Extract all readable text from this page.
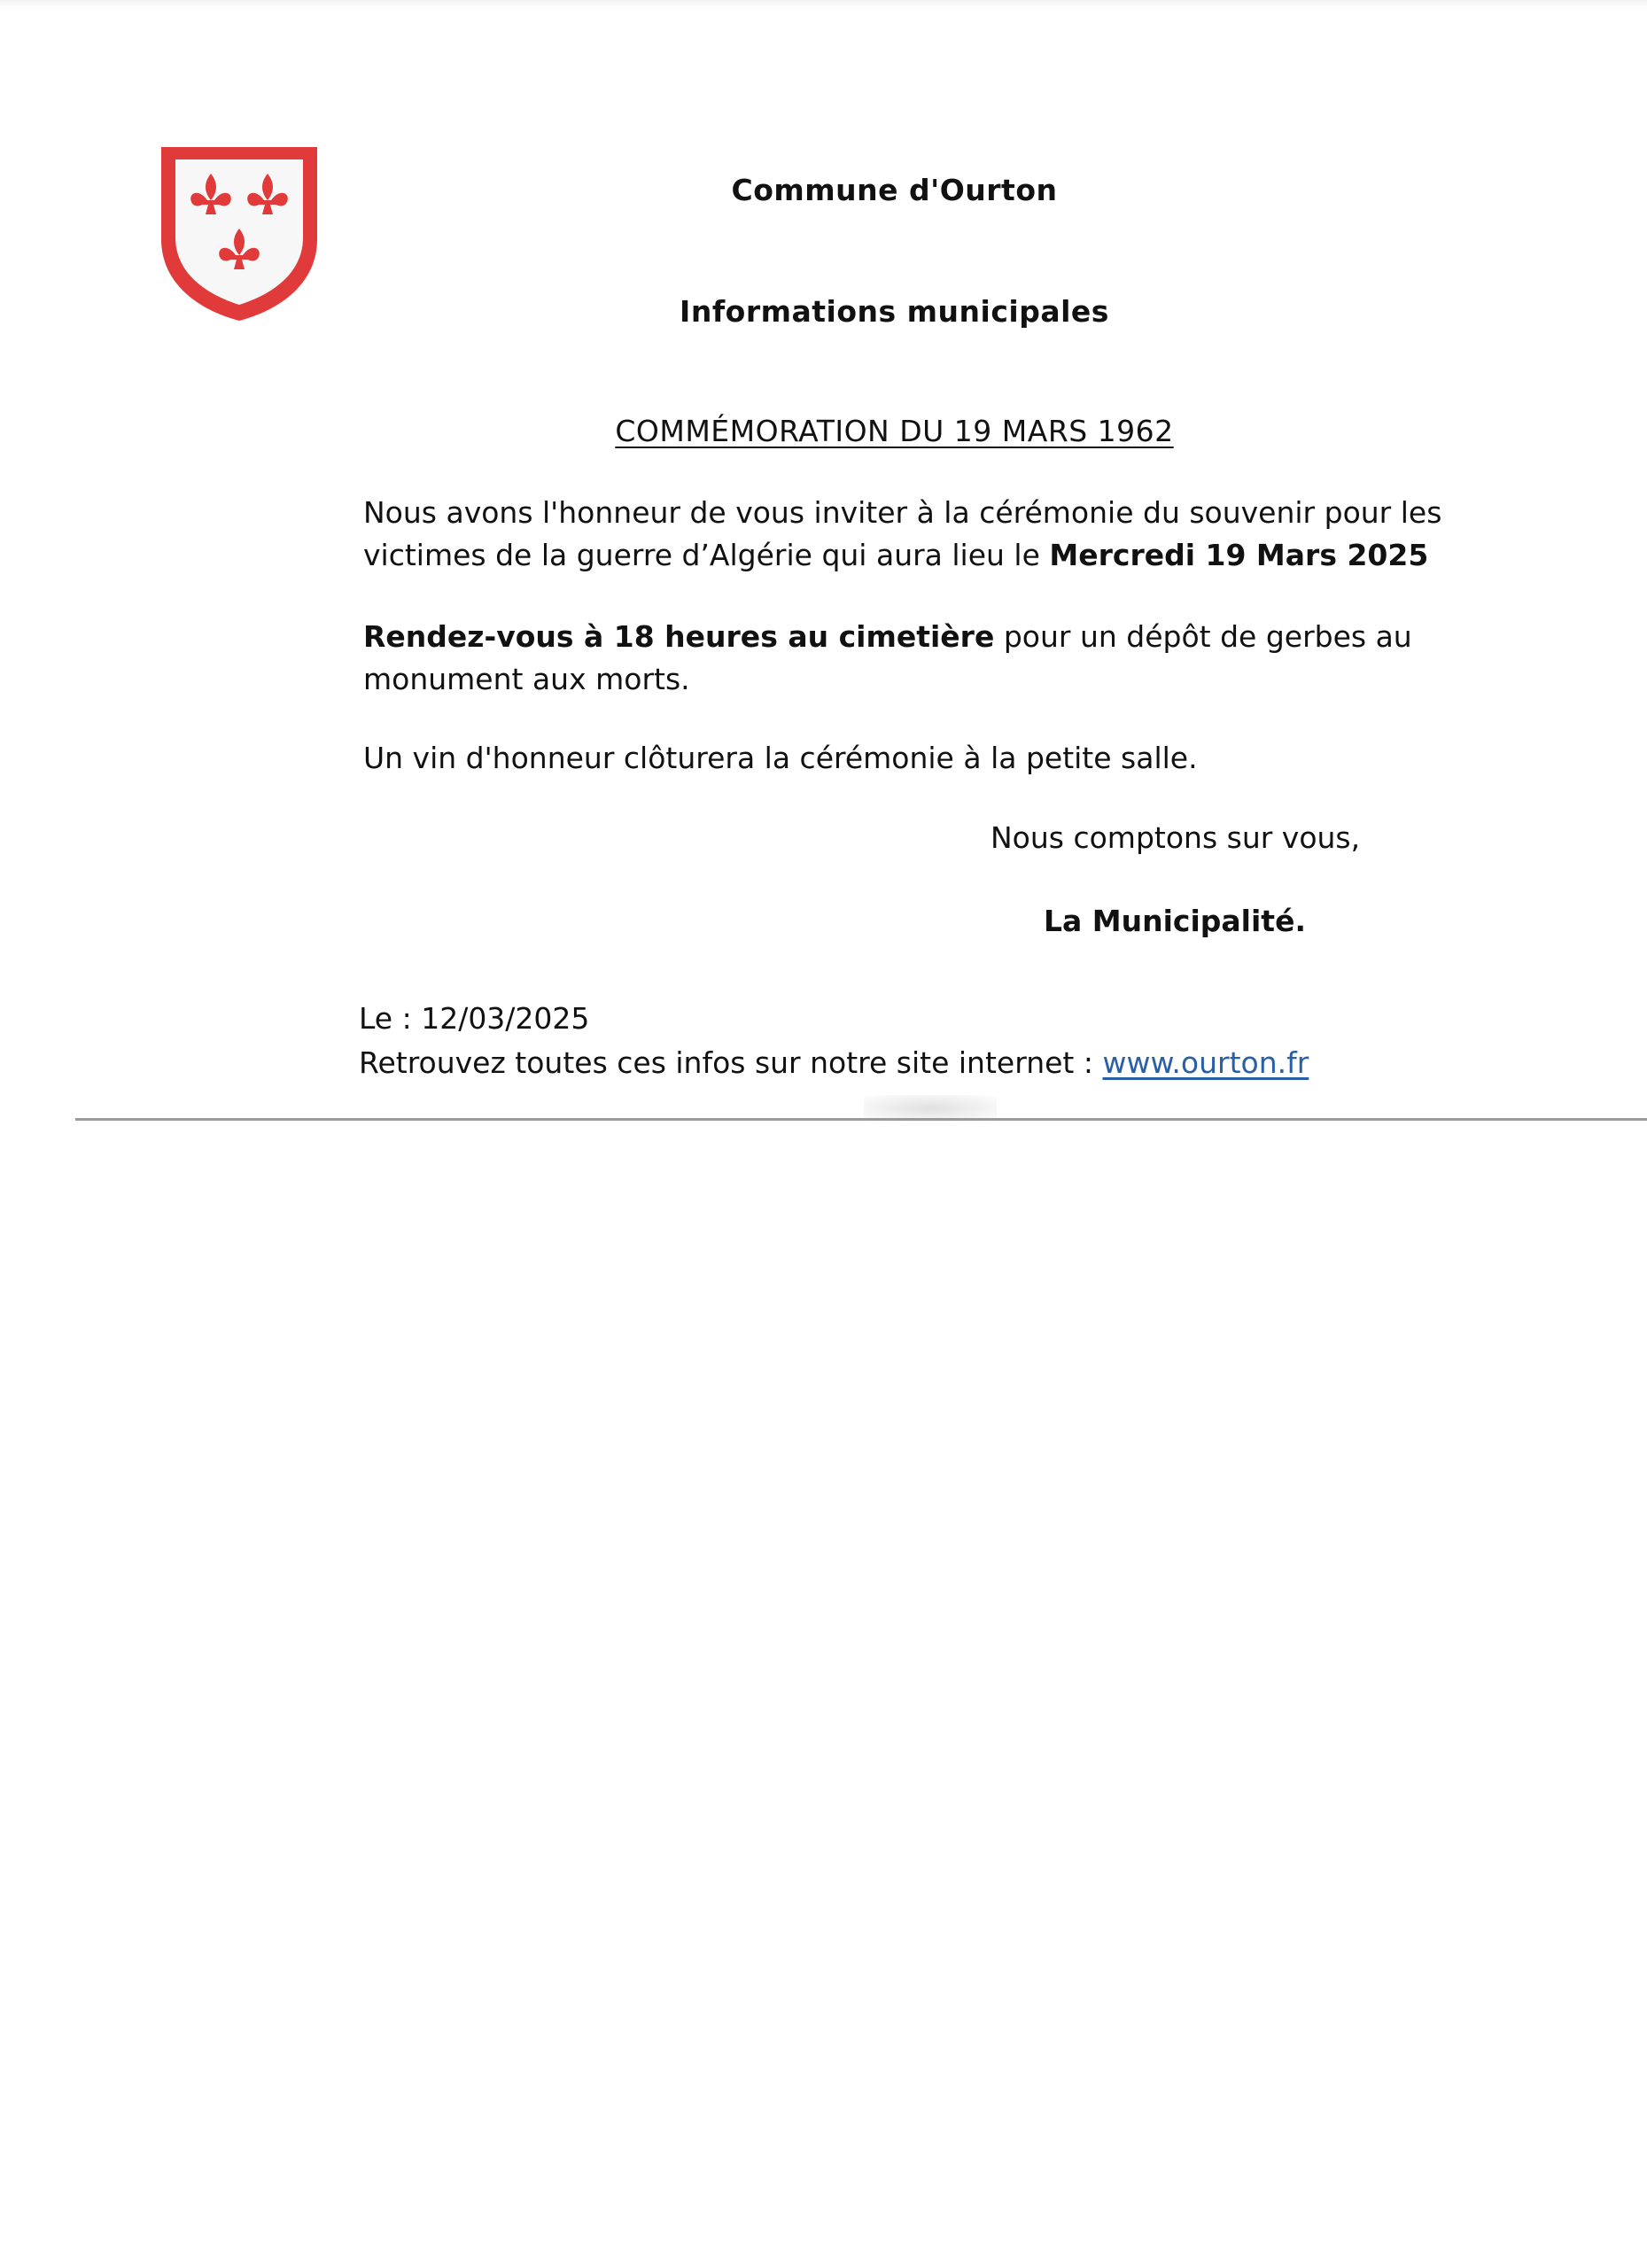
Commune d'Ourton
Informations municipales
COMMÉMORATION DU 19 MARS 1962
Nous avons l'honneur de vous inviter à la cérémonie du souvenir pour les victimes de la guerre d’Algérie qui aura lieu le Mercredi 19 Mars 2025
Rendez-vous à 18 heures au cimetière pour un dépôt de gerbes au monument aux morts.
Un vin d'honneur clôturera la cérémonie à la petite salle.
Nous comptons sur vous,
La Municipalité.
Le : 12/03/2025
Retrouvez toutes ces infos sur notre site internet : www.ourton.fr
